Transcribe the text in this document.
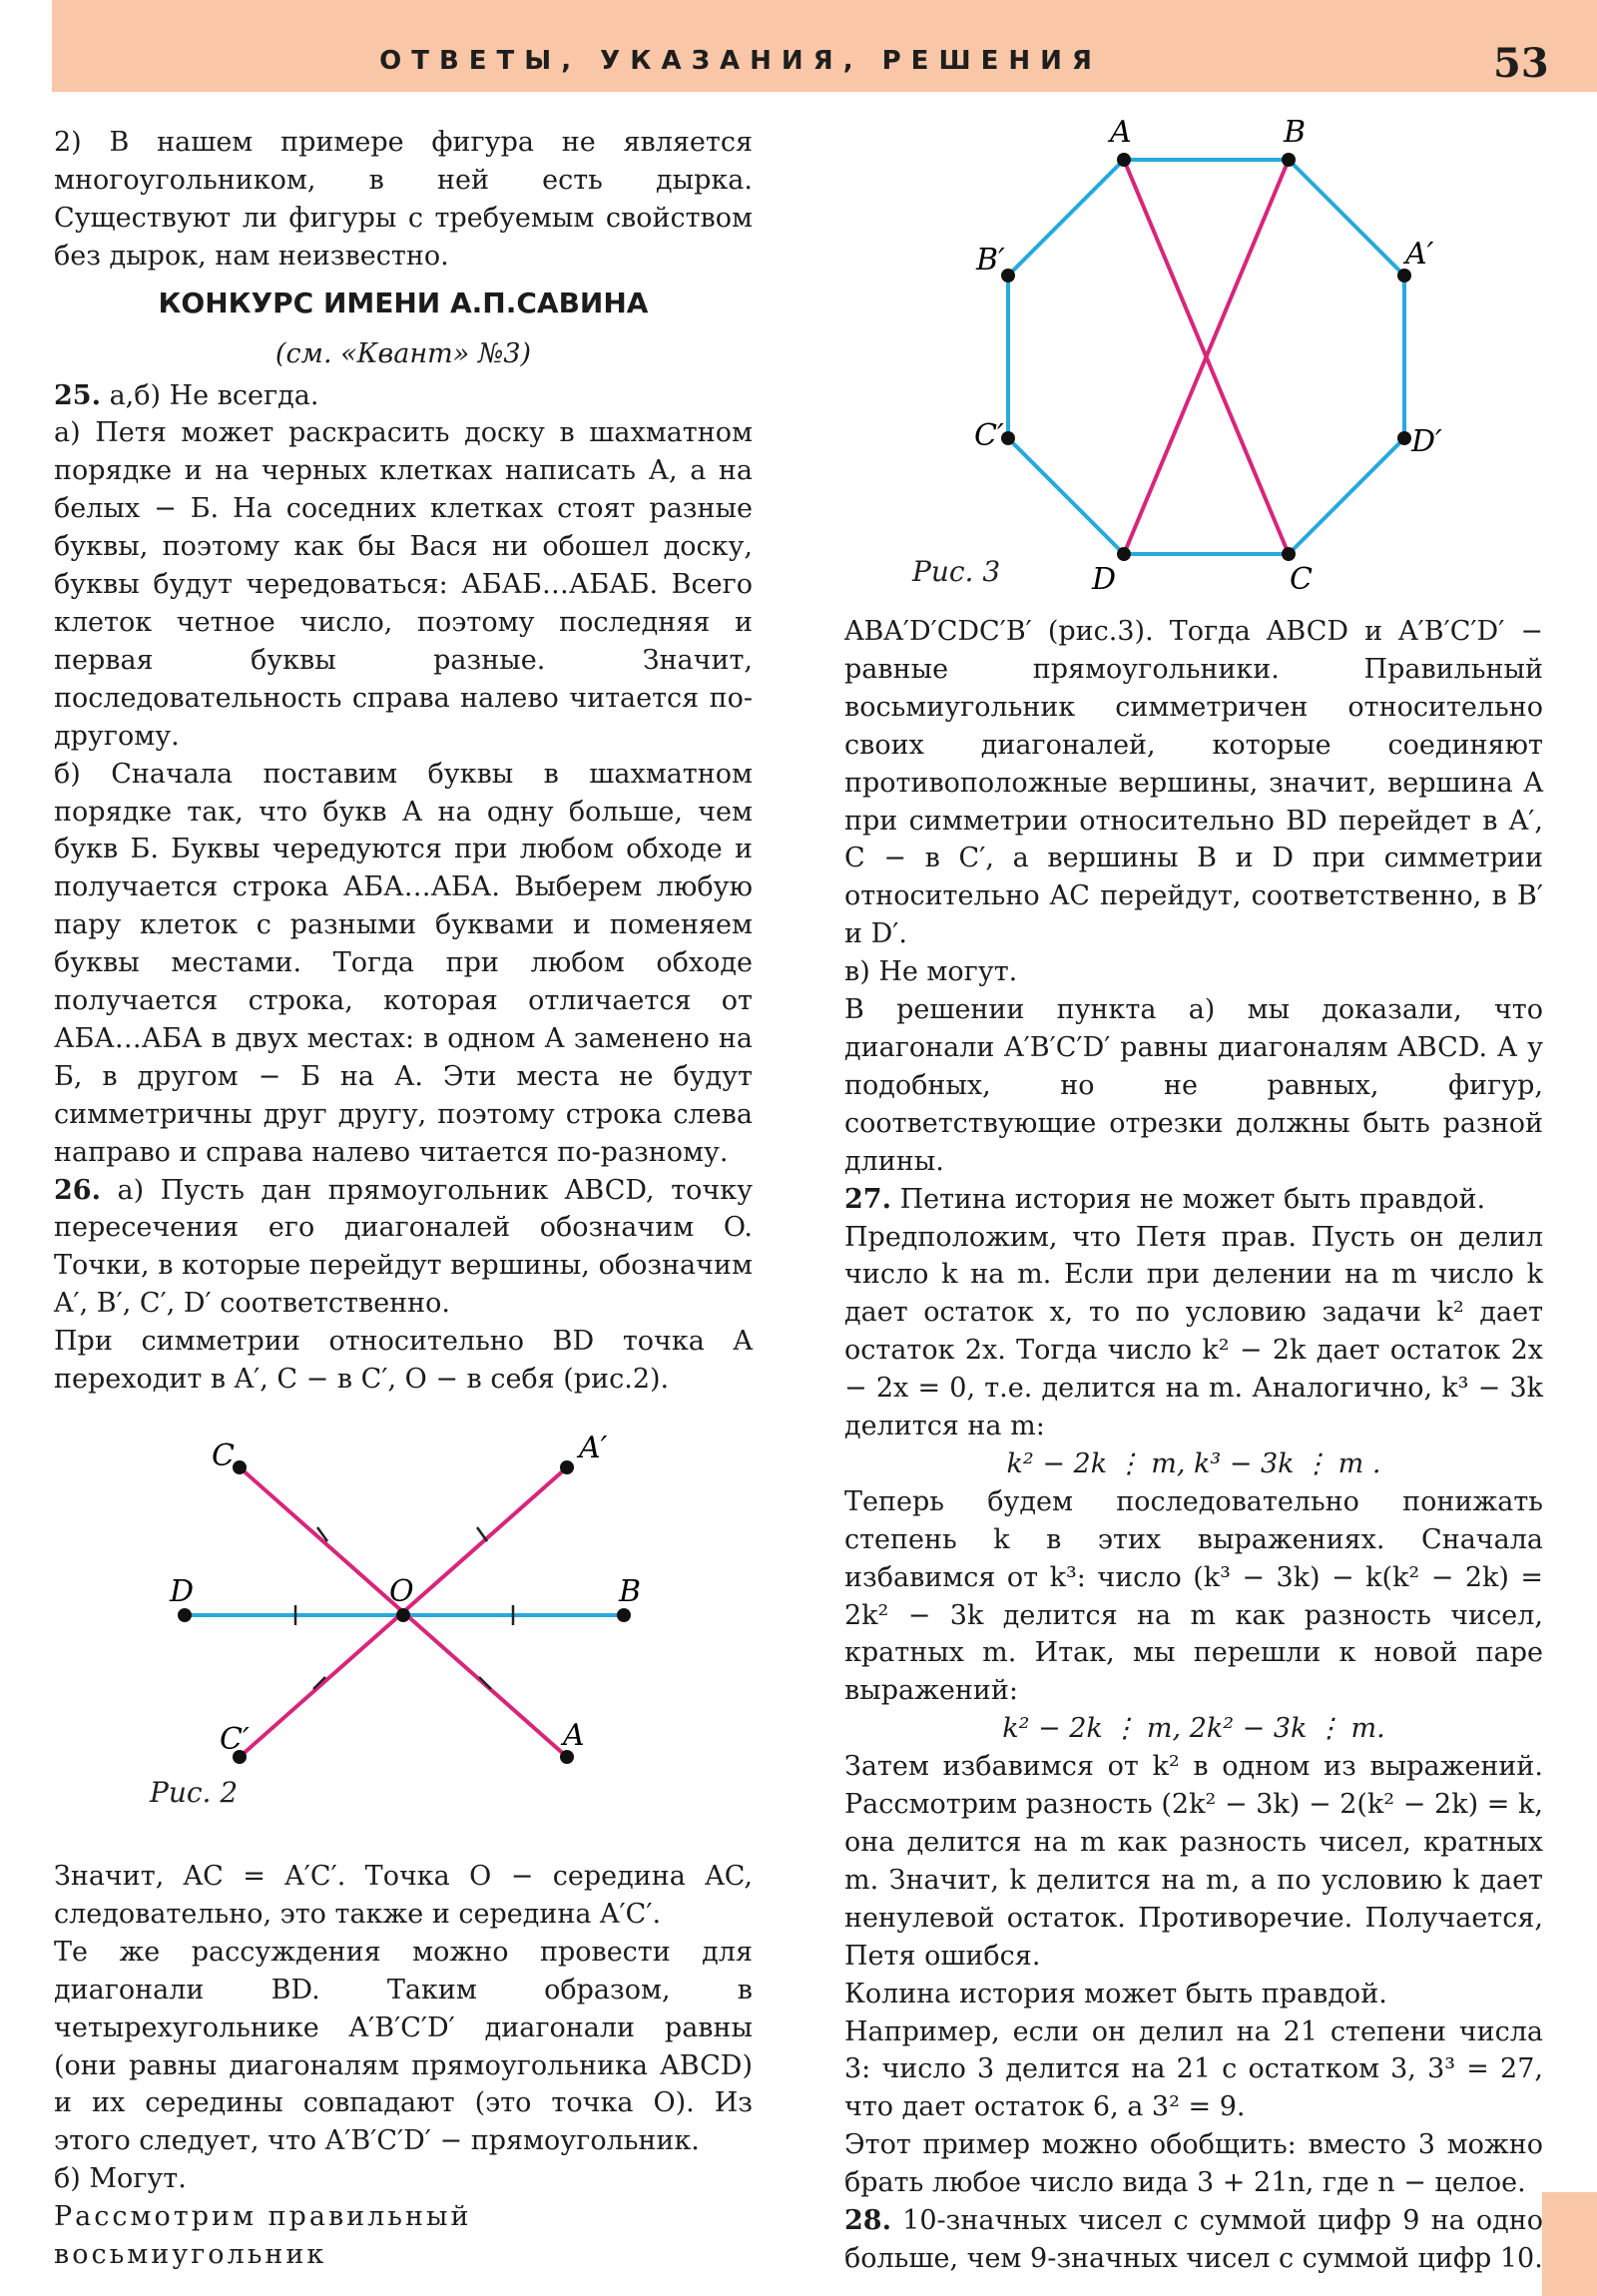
ОТВЕТЫ, УКАЗАНИЯ, РЕШЕНИЯ	53

2) В нашем примере фигура не является многоугольником, в ней есть дырка. Существуют ли фигуры с требуемым свойством без дырок, нам неизвестно.

КОНКУРС ИМЕНИ А.П.САВИНА
(см. «Квант» №3)

25. а,б) Не всегда.

а) Петя может раскрасить доску в шахматном порядке и на черных клетках написать А, а на белых − Б. На соседних клетках стоят разные буквы, поэтому как бы Вася ни обошел доску, буквы будут чередоваться: АБАБ…АБАБ. Всего клеток четное число, поэтому последняя и первая буквы разные. Значит, последовательность справа налево читается по-другому.

б) Сначала поставим буквы в шахматном порядке так, что букв А на одну больше, чем букв Б. Буквы чередуются при любом обходе и получается строка АБА…АБА. Выберем любую пару клеток с разными буквами и поменяем буквы местами. Тогда при любом обходе получается строка, которая отличается от АБА…АБА в двух местах: в одном А заменено на Б, в другом − Б на А. Эти места не будут симметричны друг другу, поэтому строка слева направо и справа налево читается по-разному.

26. а) Пусть дан прямоугольник ABCD, точку пересечения его диагоналей обозначим O. Точки, в которые перейдут вершины, обозначим A′, B′, C′, D′ соответственно.

При симметрии относительно BD точка A переходит в A′, C − в C′, O − в себя (рис.2).

Значит, AC = A′C′. Точка O − середина AC, следовательно, это также и середина A′C′.

Те же рассуждения можно провести для диагонали BD. Таким образом, в четырехугольнике A′B′C′D′ диагонали равны (они равны диагоналям прямоугольника ABCD) и их середины совпадают (это точка O). Из этого следует, что A′B′C′D′ − прямоугольник.

б) Могут.

Рассмотрим правильный восьмиугольник

C	A′
D	O	B
C′	A
Рис. 2
A	B
B′	A′
C′	D′
D	C
Рис. 3

ABA′D′CDC′B′ (рис.3). Тогда ABCD и A′B′C′D′ − равные прямоугольники. Правильный восьмиугольник симметричен относительно своих диагоналей, которые соединяют противоположные вершины, значит, вершина A при симметрии относительно BD перейдет в A′, C − в C′, а вершины B и D при симметрии относительно AC перейдут, соответственно, в B′ и D′.

в) Не могут.

В решении пункта а) мы доказали, что диагонали A′B′C′D′ равны диагоналям ABCD. А у подобных, но не равных, фигур, соответствующие отрезки должны быть разной длины.

27. Петина история не может быть правдой.

Предположим, что Петя прав. Пусть он делил число k на m. Если при делении на m число k дает остаток x, то по условию задачи k² дает остаток 2x. Тогда число k² − 2k дает остаток 2x − 2x = 0, т.е. делится на m. Аналогично, k³ − 3k делится на m:

k² − 2k ⋮ m, k³ − 3k ⋮ m .

Теперь будем последовательно понижать степень k в этих выражениях. Сначала избавимся от k³: число (k³ − 3k) − k(k² − 2k) = 2k² − 3k делится на m как разность чисел, кратных m. Итак, мы перешли к новой паре выражений:

k² − 2k ⋮ m, 2k² − 3k ⋮ m.

Затем избавимся от k² в одном из выражений. Рассмотрим разность (2k² − 3k) − 2(k² − 2k) = k, она делится на m как разность чисел, кратных m. Значит, k делится на m, а по условию k дает ненулевой остаток. Противоречие. Получается, Петя ошибся.

Колина история может быть правдой.

Например, если он делил на 21 степени числа 3: число 3 делится на 21 с остатком 3, 3³ = 27, что дает остаток 6, а 3² = 9.

Этот пример можно обобщить: вместо 3 можно брать любое число вида 3 + 21n, где n − целое.

28. 10-значных чисел с суммой цифр 9 на одно больше, чем 9-значных чисел с суммой цифр 10.
